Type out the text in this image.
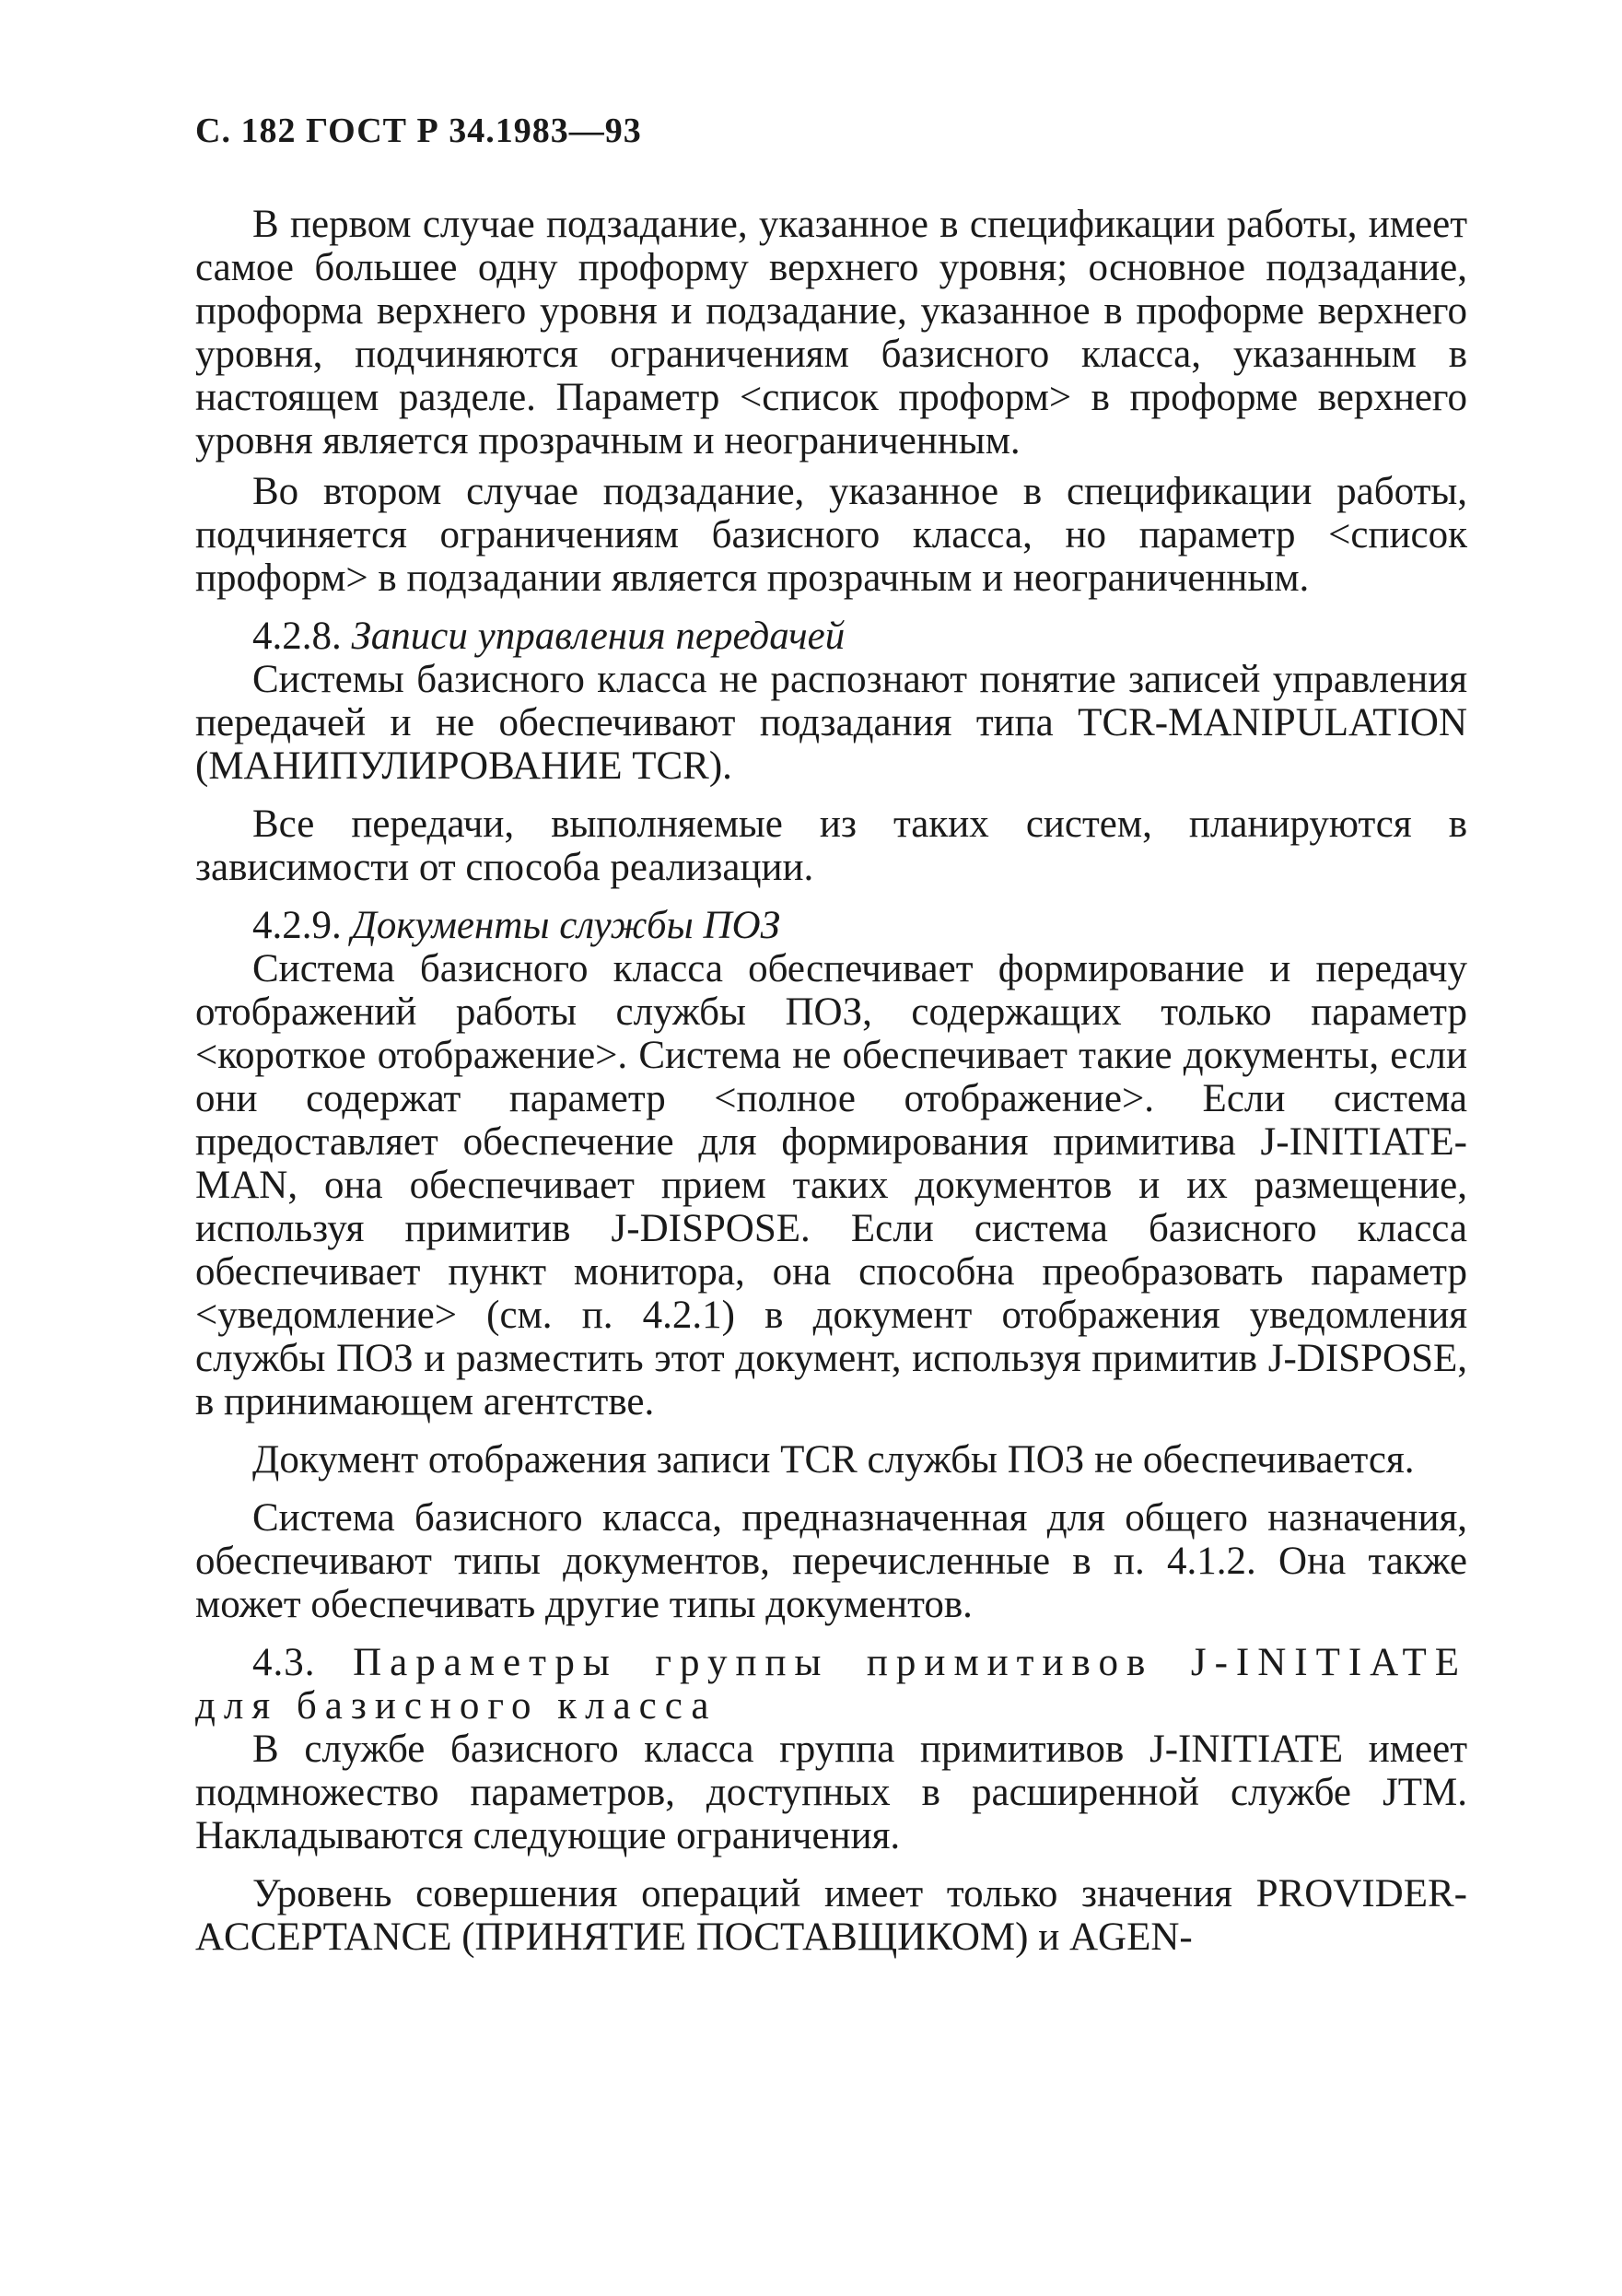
С. 182 ГОСТ Р 34.1983—93

В первом случае подзадание, указанное в спецификации работы, имеет самое большее одну проформу верхнего уровня; основное подзадание, проформа верхнего уровня и подзадание, указанное в проформе верхнего уровня, подчиняются ограничениям базисного класса, указанным в настоящем разделе. Параметр <список проформ> в проформе верхнего уровня является прозрачным и неограниченным.

Во втором случае подзадание, указанное в спецификации работы, подчиняется ограничениям базисного класса, но параметр <список проформ> в подзадании является прозрачным и неограниченным.

4.2.8. Записи управления передачей

Системы базисного класса не распознают понятие записей управления передачей и не обеспечивают подзадания типа TCR-MANIPULATION (МАНИПУЛИРОВАНИЕ TCR).

Все передачи, выполняемые из таких систем, планируются в зависимости от способа реализации.

4.2.9. Документы службы ПОЗ

Система базисного класса обеспечивает формирование и передачу отображений работы службы ПОЗ, содержащих только параметр <короткое отображение>. Система не обеспечивает такие документы, если они содержат параметр <полное отображение>. Если система предоставляет обеспечение для формирования примитива J-INITIATE-MAN, она обеспечивает прием таких документов и их размещение, используя примитив J-DISPOSE. Если система базисного класса обеспечивает пункт монитора, она способна преобразовать параметр <уведомление> (см. п. 4.2.1) в документ отображения уведомления службы ПОЗ и разместить этот документ, используя примитив J-DISPOSE, в принимающем агентстве.

Документ отображения записи TCR службы ПОЗ не обеспечивается.

Система базисного класса, предназначенная для общего назначения, обеспечивают типы документов, перечисленные в п. 4.1.2. Она также может обеспечивать другие типы документов.

4.3. Параметры группы примитивов J-INITIATE для базисного класса

В службе базисного класса группа примитивов J-INITIATE имеет подмножество параметров, доступных в расширенной службе JTM. Накладываются следующие ограничения.

Уровень совершения операций имеет только значения PROVIDER-ACCEPTANCE (ПРИНЯТИЕ ПОСТАВЩИКОМ) и AGEN-
